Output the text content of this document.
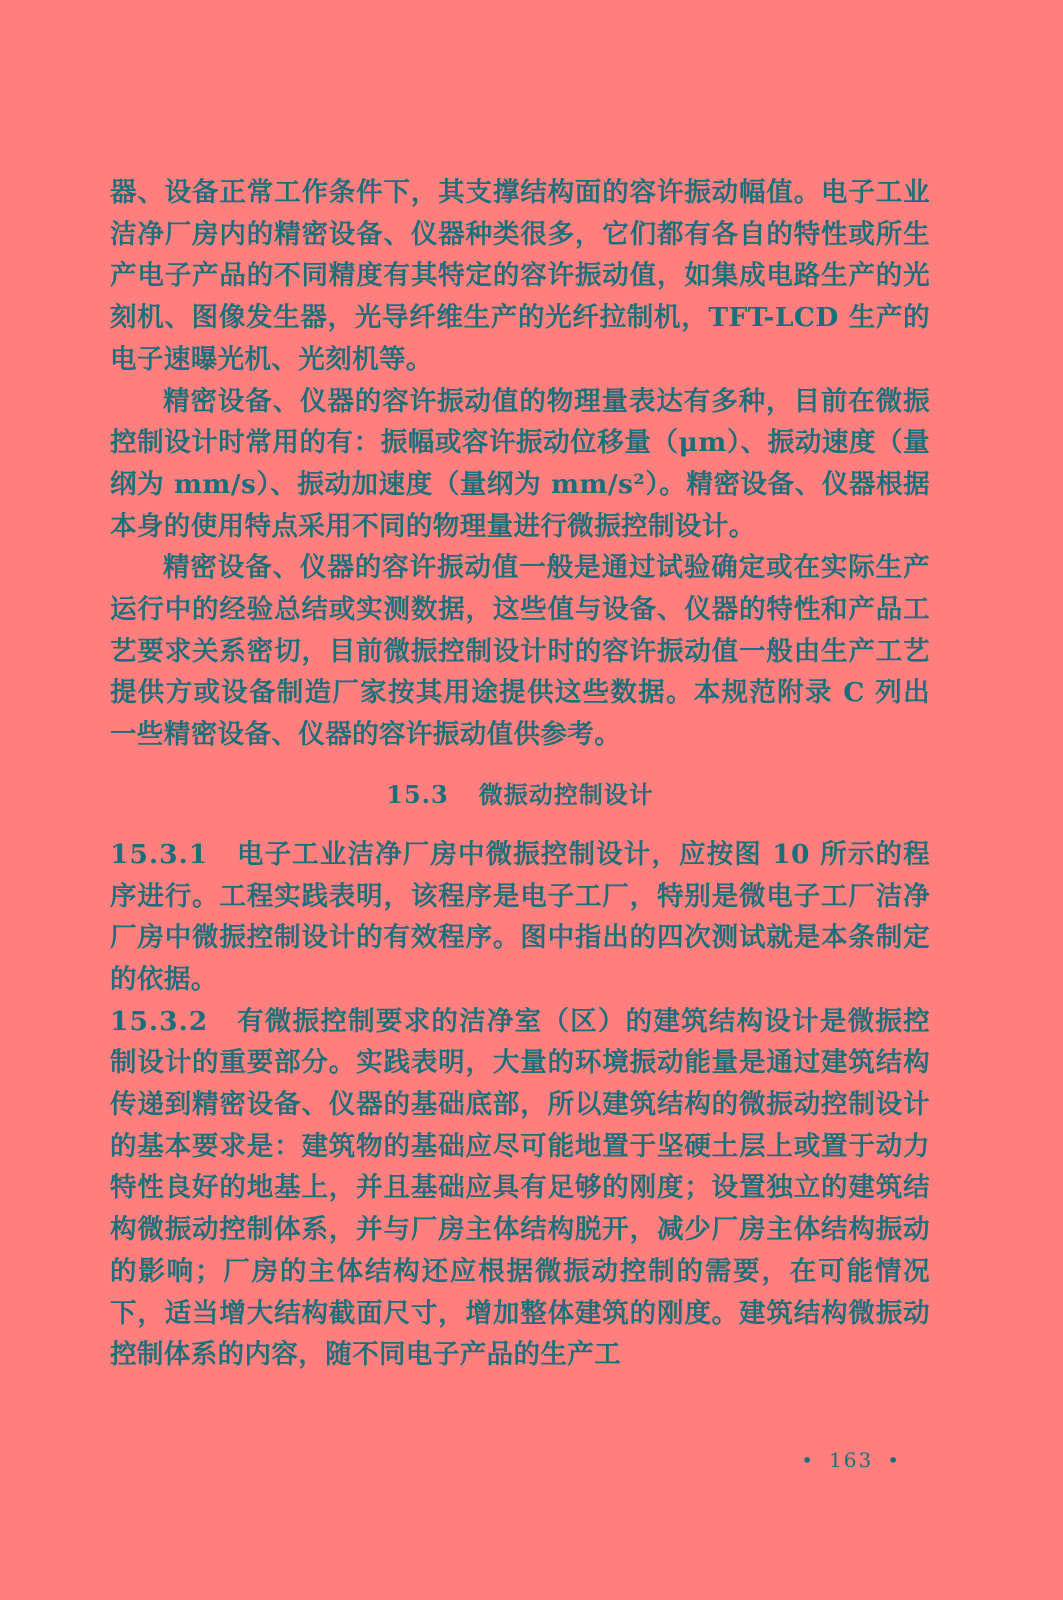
器、设备正常工作条件下，其支撑结构面的容许振动幅值。电子工业洁净厂房内的精密设备、仪器种类很多，它们都有各自的特性或所生产电子产品的不同精度有其特定的容许振动值，如集成电路生产的光刻机、图像发生器，光导纤维生产的光纤拉制机，TFT-LCD 生产的电子速曝光机、光刻机等。

精密设备、仪器的容许振动值的物理量表达有多种，目前在微振控制设计时常用的有：振幅或容许振动位移量（μm）、振动速度（量纲为 mm/s）、振动加速度（量纲为 mm/s²）。精密设备、仪器根据本身的使用特点采用不同的物理量进行微振控制设计。

精密设备、仪器的容许振动值一般是通过试验确定或在实际生产运行中的经验总结或实测数据，这些值与设备、仪器的特性和产品工艺要求关系密切，目前微振控制设计时的容许振动值一般由生产工艺提供方或设备制造厂家按其用途提供这些数据。本规范附录 C 列出一些精密设备、仪器的容许振动值供参考。

15.3 微振动控制设计

15.3.1 电子工业洁净厂房中微振控制设计，应按图 10 所示的程序进行。工程实践表明，该程序是电子工厂，特别是微电子工厂洁净厂房中微振控制设计的有效程序。图中指出的四次测试就是本条制定的依据。

15.3.2 有微振控制要求的洁净室（区）的建筑结构设计是微振控制设计的重要部分。实践表明，大量的环境振动能量是通过建筑结构传递到精密设备、仪器的基础底部，所以建筑结构的微振动控制设计的基本要求是：建筑物的基础应尽可能地置于坚硬土层上或置于动力特性良好的地基上，并且基础应具有足够的刚度；设置独立的建筑结构微振动控制体系，并与厂房主体结构脱开，减少厂房主体结构振动的影响；厂房的主体结构还应根据微振动控制的需要，在可能情况下，适当增大结构截面尺寸，增加整体建筑的刚度。建筑结构微振动控制体系的内容，随不同电子产品的生产工

• 163 •
